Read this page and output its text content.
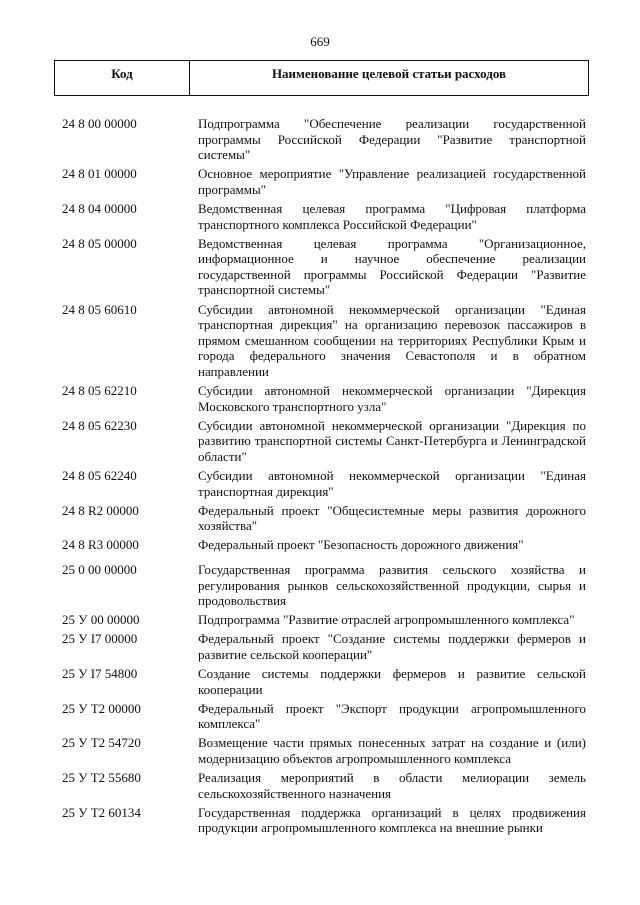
669
Код	Наименование целевой статьи расходов
24 8 00 00000	Подпрограмма "Обеспечение реализации государственной программы Российской Федерации "Развитие транспортной системы"
24 8 01 00000	Основное мероприятие "Управление реализацией государственной программы"
24 8 04 00000	Ведомственная целевая программа "Цифровая платформа транспортного комплекса Российской Федерации"
24 8 05 00000	Ведомственная целевая программа "Организационное, информационное и научное обеспечение реализации государственной программы Российской Федерации "Развитие транспортной системы"
24 8 05 60610	Субсидии автономной некоммерческой организации "Единая транспортная дирекция" на организацию перевозок пассажиров в прямом смешанном сообщении на территориях Республики Крым и города федерального значения Севастополя и в обратном направлении
24 8 05 62210	Субсидии автономной некоммерческой организации "Дирекция Московского транспортного узла"
24 8 05 62230	Субсидии автономной некоммерческой организации "Дирекция по развитию транспортной системы Санкт-Петербурга и Ленинградской области"
24 8 05 62240	Субсидии автономной некоммерческой организации "Единая транспортная дирекция"
24 8 R2 00000	Федеральный проект "Общесистемные меры развития дорожного хозяйства"
24 8 R3 00000	Федеральный проект "Безопасность дорожного движения"
25 0 00 00000	Государственная программа развития сельского хозяйства и регулирования рынков сельскохозяйственной продукции, сырья и продовольствия
25 У 00 00000	Подпрограмма "Развитие отраслей агропромышленного комплекса"
25 У I7 00000	Федеральный проект "Создание системы поддержки фермеров и развитие сельской кооперации"
25 У I7 54800	Создание системы поддержки фермеров и развитие сельской кооперации
25 У Т2 00000	Федеральный проект "Экспорт продукции агропромышленного комплекса"
25 У Т2 54720	Возмещение части прямых понесенных затрат на создание и (или) модернизацию объектов агропромышленного комплекса
25 У Т2 55680	Реализация мероприятий в области мелиорации земель сельскохозяйственного назначения
25 У Т2 60134	Государственная поддержка организаций в целях продвижения продукции агропромышленного комплекса на внешние рынки
